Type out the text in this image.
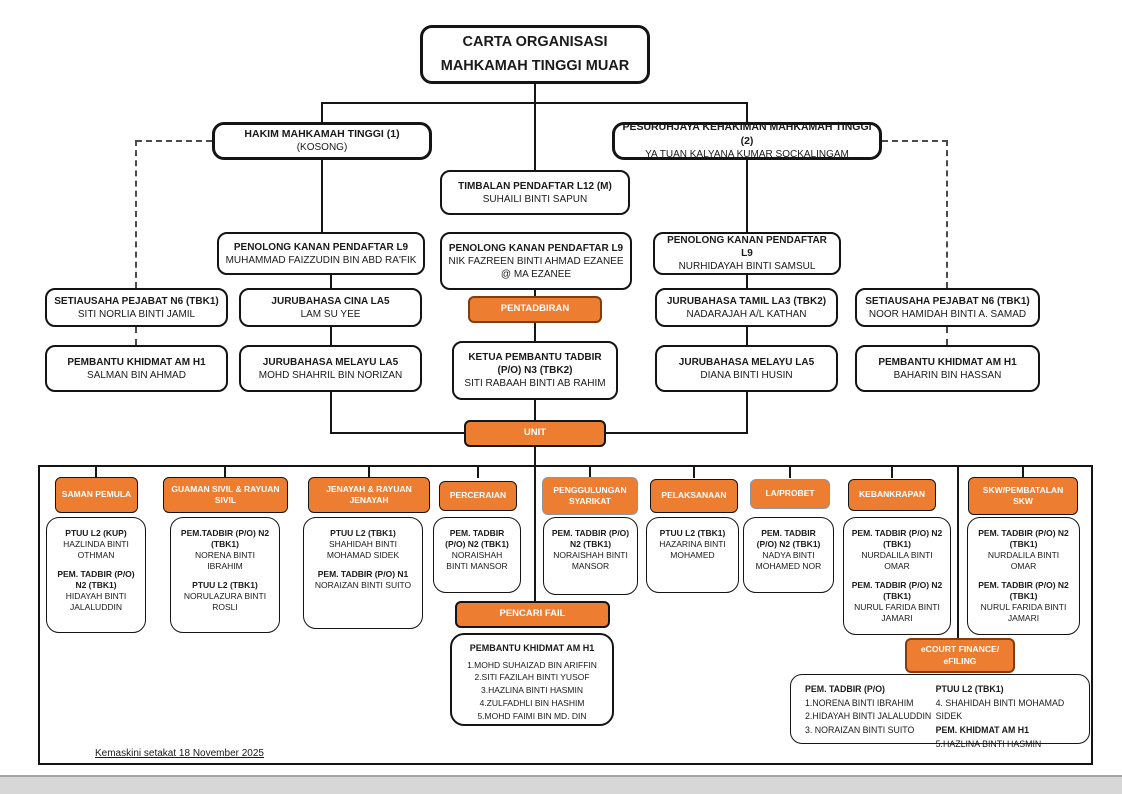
CARTA ORGANISASI
MAHKAMAH TINGGI MUAR
HAKIM MAHKAMAH TINGGI (1)
(KOSONG)
PESURUHJAYA KEHAKIMAN MAHKAMAH TINGGI (2)
YA TUAN KALYANA KUMAR SOCKALINGAM
TIMBALAN PENDAFTAR L12 (M)
SUHAILI BINTI SAPUN
PENOLONG KANAN PENDAFTAR L9
MUHAMMAD FAIZZUDIN BIN ABD RA'FIK
PENOLONG KANAN PENDAFTAR L9
NIK FAZREEN BINTI AHMAD EZANEE
@ MA EZANEE
PENOLONG KANAN PENDAFTAR L9
NURHIDAYAH BINTI SAMSUL
SETIAUSAHA PEJABAT N6 (TBK1)
SITI NORLIA BINTI JAMIL
JURUBAHASA CINA LA5
LAM SU YEE
PEMBANTU KHIDMAT AM H1
SALMAN BIN AHMAD
JURUBAHASA MELAYU LA5
MOHD SHAHRIL BIN NORIZAN
PENTADBIRAN
KETUA PEMBANTU TADBIR
(P/O) N3 (TBK2)
SITI RABAAH BINTI AB RAHIM
JURUBAHASA TAMIL LA3 (TBK2)
NADARAJAH A/L KATHAN
SETIAUSAHA PEJABAT N6 (TBK1)
NOOR HAMIDAH BINTI A. SAMAD
JURUBAHASA MELAYU LA5
DIANA BINTI HUSIN
PEMBANTU KHIDMAT AM H1
BAHARIN BIN HASSAN
UNIT
SAMAN PEMULA
GUAMAN SIVIL & RAYUAN SIVIL
JENAYAH & RAYUAN JENAYAH	PERCERAIAN
PENGGULUNGAN SYARIKAT
PELAKSANAAN	LA/PROBET	KEBANKRAPAN	SKW/PEMBATALAN SKW
PTUU L2 (KUP)
HAZLINDA BINTI OTHMAN
PEM. TADBIR (P/O) N2 (TBK1)
HIDAYAH BINTI JALALUDDIN
PEM.TADBIR (P/O) N2 (TBK1)
NORENA BINTI IBRAHIM
PTUU L2 (TBK1)
NORULAZURA BINTI ROSLI
PTUU L2 (TBK1)
SHAHIDAH BINTI MOHAMAD SIDEK
PEM. TADBIR (P/O) N1
NORAIZAN BINTI SUITO
PEM. TADBIR (P/O) N2 (TBK1)
NORAISHAH BINTI MANSOR
PEM. TADBIR (P/O) N2 (TBK1)
NORAISHAH BINTI MANSOR
PTUU L2 (TBK1)
HAZARINA BINTI MOHAMED
PEM. TADBIR (P/O) N2 (TBK1)
NADYA BINTI MOHAMED NOR
PEM. TADBIR (P/O) N2 (TBK1)
NURDALILA BINTI OMAR
PEM. TADBIR (P/O) N2 (TBK1)
NURUL FARIDA BINTI JAMARI
PEM. TADBIR (P/O) N2 (TBK1)
NURDALILA BINTI OMAR
PEM. TADBIR (P/O) N2 (TBK1)
NURUL FARIDA BINTI JAMARI
PENCARI FAIL
PEMBANTU KHIDMAT AM H1
1.MOHD SUHAIZAD BIN ARIFFIN
2.SITI FAZILAH BINTI YUSOF
3.HAZLINA BINTI HASMIN
4.ZULFADHLI BIN HASHIM
5.MOHD FAIMI BIN MD. DIN
eCOURT FINANCE/
eFILING
PEM. TADBIR (P/O)
1.NORENA BINTI IBRAHIM
2.HIDAYAH BINTI JALALUDDIN
3. NORAIZAN BINTI SUITO
PTUU L2 (TBK1)
4. SHAHIDAH BINTI MOHAMAD SIDEK
PEM. KHIDMAT AM H1
5.HAZLINA BINTI HASMIN
Kemaskini setakat 18 November 2025
